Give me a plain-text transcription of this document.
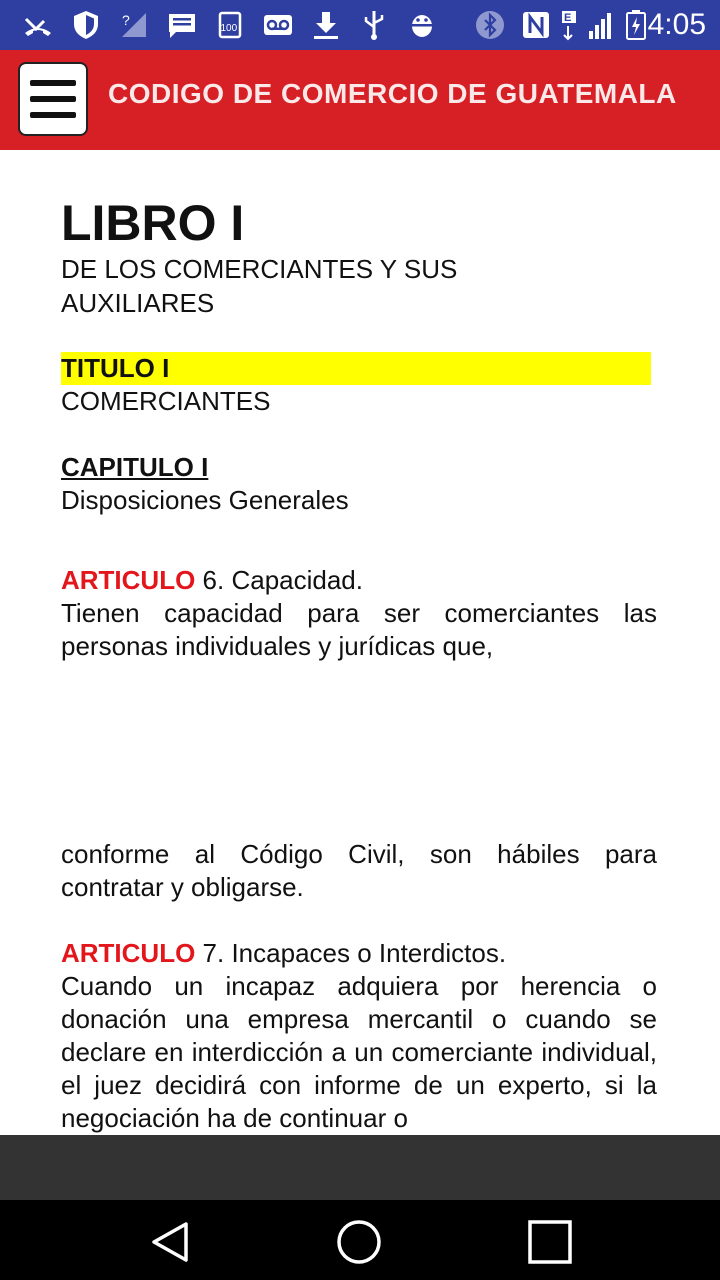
?
100
E	4:05
CODIGO DE COMERCIO DE GUATEMALA
LIBRO I
DE LOS COMERCIANTES Y SUS
AUXILIARES
TITULO I
COMERCIANTES
CAPITULO I
Disposiciones Generales
ARTICULO 6. Capacidad.
Tienen capacidad para ser comerciantes las personas individuales y jurídicas que,
conforme al Código Civil, son hábiles para contratar y obligarse.
ARTICULO 7. Incapaces o Interdictos.
Cuando un incapaz adquiera por herencia o donación una empresa mercantil o cuando se declare en interdicción a un comerciante individual, el juez decidirá con informe de un experto, si la negociación ha de continuar o
